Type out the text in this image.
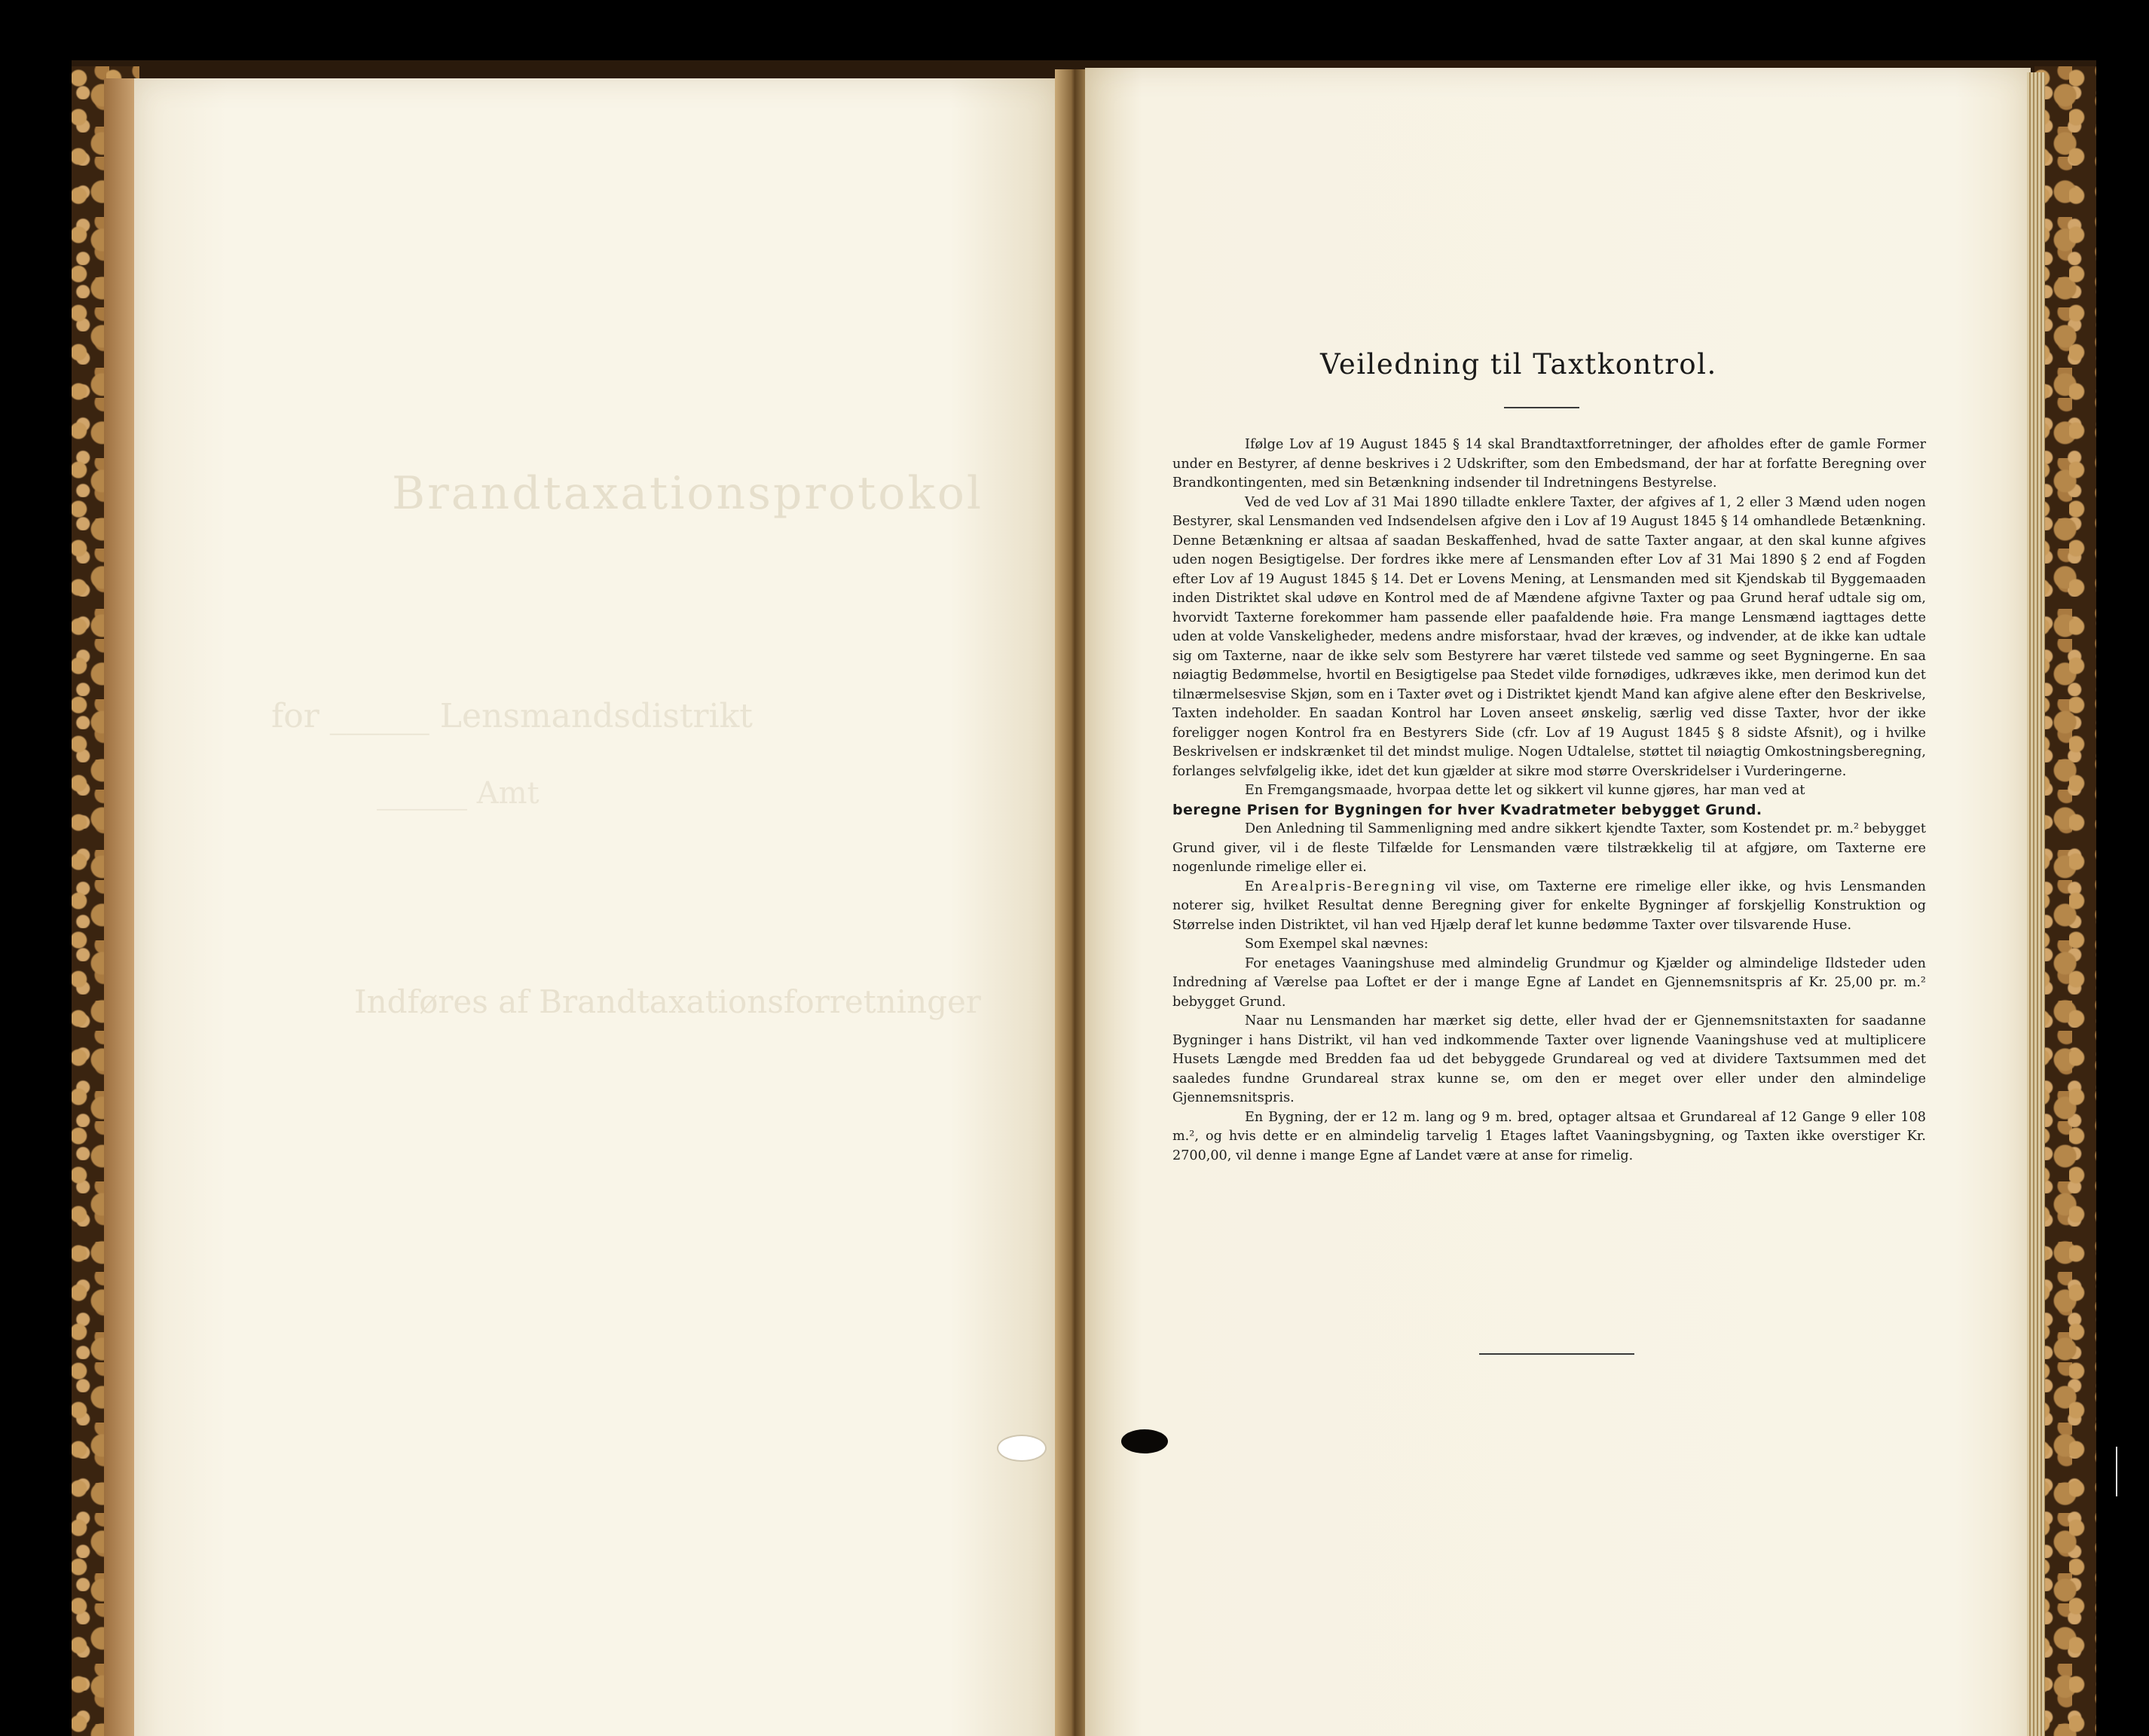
Brandtaxationsprotokol
for ______ Lensmandsdistrikt
______ Amt
Indføres af Brandtaxationsforretninger
Veiledning til Taxtkontrol.

Ifølge Lov af 19 August 1845 § 14 skal Brandtaxtforretninger, der afholdes efter de gamle Former under en Bestyrer, af denne beskrives i 2 Udskrifter, som den Embedsmand, der har at forfatte Beregning over Brandkontingenten, med sin Betænkning indsender til Indretningens Bestyrelse.

Ved de ved Lov af 31 Mai 1890 tilladte enklere Taxter, der afgives af 1, 2 eller 3 Mænd uden nogen Bestyrer, skal Lensmanden ved Indsendelsen afgive den i Lov af 19 August 1845 § 14 omhandlede Betænkning. Denne Betænkning er altsaa af saadan Beskaffenhed, hvad de satte Taxter angaar, at den skal kunne afgives uden nogen Besigtigelse. Der fordres ikke mere af Lensmanden efter Lov af 31 Mai 1890 § 2 end af Fogden efter Lov af 19 August 1845 § 14. Det er Lovens Mening, at Lensmanden med sit Kjendskab til Byggemaaden inden Distriktet skal udøve en Kontrol med de af Mændene afgivne Taxter og paa Grund heraf udtale sig om, hvorvidt Taxterne forekommer ham passende eller paafaldende høie. Fra mange Lensmænd iagttages dette uden at volde Vanskeligheder, medens andre misforstaar, hvad der kræves, og indvender, at de ikke kan udtale sig om Taxterne, naar de ikke selv som Bestyrere har været tilstede ved samme og seet Bygningerne. En saa nøiagtig Bedømmelse, hvortil en Besigtigelse paa Stedet vilde fornødiges, udkræves ikke, men derimod kun det tilnærmelsesvise Skjøn, som en i Taxter øvet og i Distriktet kjendt Mand kan afgive alene efter den Beskrivelse, Taxten indeholder. En saadan Kontrol har Loven anseet ønskelig, særlig ved disse Taxter, hvor der ikke foreligger nogen Kontrol fra en Bestyrers Side (cfr. Lov af 19 August 1845 § 8 sidste Afsnit), og i hvilke Beskrivelsen er indskrænket til det mindst mulige. Nogen Udtalelse, støttet til nøiagtig Omkostningsberegning, forlanges selvfølgelig ikke, idet det kun gjælder at sikre mod større Overskridelser i Vurderingerne.

En Fremgangsmaade, hvorpaa dette let og sikkert vil kunne gjøres, har man ved at

beregne Prisen for Bygningen for hver Kvadratmeter bebygget Grund.

Den Anledning til Sammenligning med andre sikkert kjendte Taxter, som Kostendet pr. m.² bebygget Grund giver, vil i de fleste Tilfælde for Lensmanden være tilstrækkelig til at afgjøre, om Taxterne ere nogenlunde rimelige eller ei.

En Arealpris-Beregning vil vise, om Taxterne ere rimelige eller ikke, og hvis Lensmanden noterer sig, hvilket Resultat denne Beregning giver for enkelte Bygninger af forskjellig Konstruktion og Størrelse inden Distriktet, vil han ved Hjælp deraf let kunne bedømme Taxter over tilsvarende Huse.

Som Exempel skal nævnes:

For enetages Vaaningshuse med almindelig Grundmur og Kjælder og almindelige Ildsteder uden Indredning af Værelse paa Loftet er der i mange Egne af Landet en Gjennemsnitspris af Kr. 25,00 pr. m.² bebygget Grund.

Naar nu Lensmanden har mærket sig dette, eller hvad der er Gjennemsnitstaxten for saadanne Bygninger i hans Distrikt, vil han ved indkommende Taxter over lignende Vaaningshuse ved at multiplicere Husets Længde med Bredden faa ud det bebyggede Grundareal og ved at dividere Taxtsummen med det saaledes fundne Grundareal strax kunne se, om den er meget over eller under den almindelige Gjennemsnitspris.

En Bygning, der er 12 m. lang og 9 m. bred, optager altsaa et Grundareal af 12 Gange 9 eller 108 m.², og hvis dette er en almindelig tarvelig 1 Etages laftet Vaaningsbygning, og Taxten ikke overstiger Kr. 2700,00, vil denne i mange Egne af Landet være at anse for rimelig.
